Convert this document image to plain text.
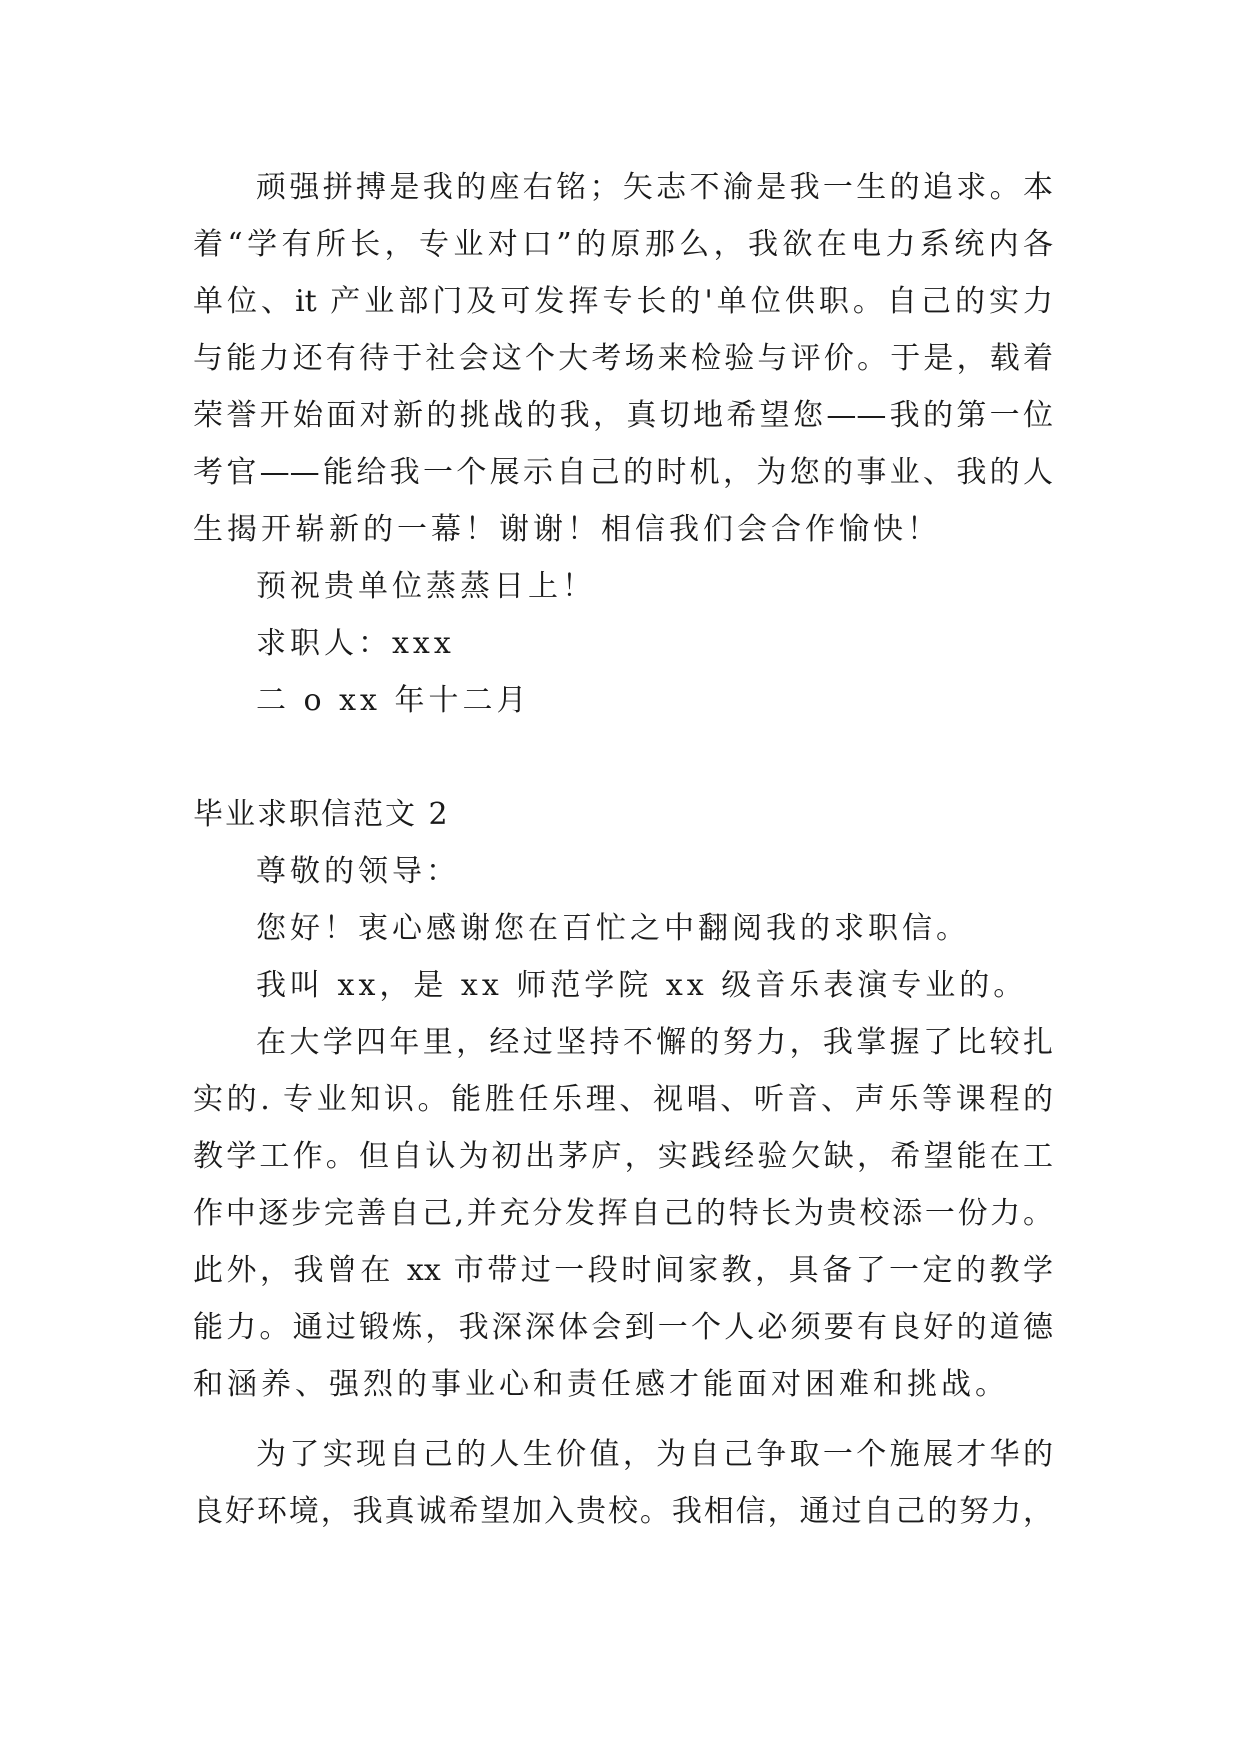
顽强拼搏是我的座右铭；矢志不渝是我一生的追求。本
着“学有所长，专业对口”的原那么，我欲在电力系统内各
单位、it 产业部门及可发挥专长的'单位供职。自己的实力
与能力还有待于社会这个大考场来检验与评价。于是，载着
荣誉开始面对新的挑战的我，真切地希望您——我的第一位
考官——能给我一个展示自己的时机，为您的事业、我的人
生揭开崭新的一幕！谢谢！相信我们会合作愉快！
预祝贵单位蒸蒸日上！
求职人：xxx
二 o xx 年十二月
毕业求职信范文 2
尊敬的领导：
您好！衷心感谢您在百忙之中翻阅我的求职信。
我叫 xx，是 xx 师范学院 xx 级音乐表演专业的。
在大学四年里，经过坚持不懈的努力，我掌握了比较扎
实的. 专业知识。能胜任乐理、视唱、听音、声乐等课程的
教学工作。但自认为初出茅庐，实践经验欠缺，希望能在工
作中逐步完善自己,并充分发挥自己的特长为贵校添一份力。
此外，我曾在 xx 市带过一段时间家教，具备了一定的教学
能力。通过锻炼，我深深体会到一个人必须要有良好的道德
和涵养、强烈的事业心和责任感才能面对困难和挑战。
为了实现自己的人生价值，为自己争取一个施展才华的
良好环境，我真诚希望加入贵校。我相信，通过自己的努力，
